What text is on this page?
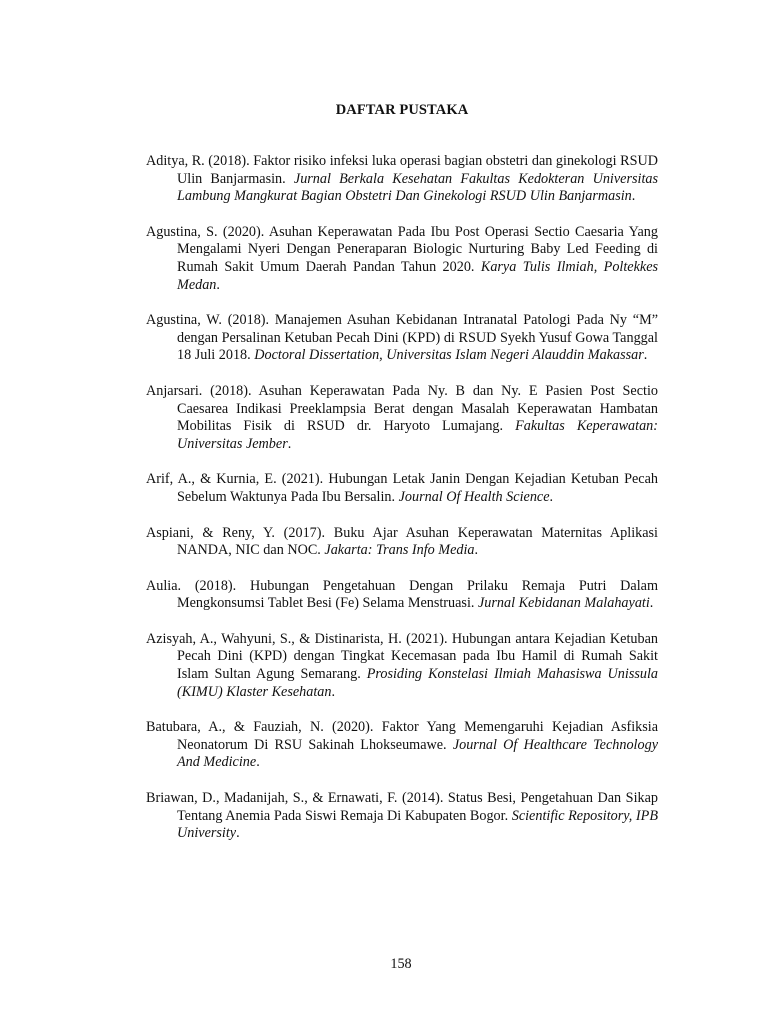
DAFTAR PUSTAKA

Aditya, R. (2018). Faktor risiko infeksi luka operasi bagian obstetri dan ginekologi RSUD Ulin Banjarmasin. Jurnal Berkala Kesehatan Fakultas Kedokteran Universitas Lambung Mangkurat Bagian Obstetri Dan Ginekologi RSUD Ulin Banjarmasin.

Agustina, S. (2020). Asuhan Keperawatan Pada Ibu Post Operasi Sectio Caesaria Yang Mengalami Nyeri Dengan Peneraparan Biologic Nurturing Baby Led Feeding di Rumah Sakit Umum Daerah Pandan Tahun 2020. Karya Tulis Ilmiah, Poltekkes Medan.

Agustina, W. (2018). Manajemen Asuhan Kebidanan Intranatal Patologi Pada Ny “M” dengan Persalinan Ketuban Pecah Dini (KPD) di RSUD Syekh Yusuf Gowa Tanggal 18 Juli 2018. Doctoral Dissertation, Universitas Islam Negeri Alauddin Makassar.

Anjarsari. (2018). Asuhan Keperawatan Pada Ny. B dan Ny. E Pasien Post Sectio Caesarea Indikasi Preeklampsia Berat dengan Masalah Keperawatan Hambatan Mobilitas Fisik di RSUD dr. Haryoto Lumajang. Fakultas Keperawatan: Universitas Jember.

Arif, A., & Kurnia, E. (2021). Hubungan Letak Janin Dengan Kejadian Ketuban Pecah Sebelum Waktunya Pada Ibu Bersalin. Journal Of Health Science.

Aspiani, & Reny, Y. (2017). Buku Ajar Asuhan Keperawatan Maternitas Aplikasi NANDA, NIC dan NOC. Jakarta: Trans Info Media.

Aulia. (2018). Hubungan Pengetahuan Dengan Prilaku Remaja Putri Dalam Mengkonsumsi Tablet Besi (Fe) Selama Menstruasi. Jurnal Kebidanan Malahayati.

Azisyah, A., Wahyuni, S., & Distinarista, H. (2021). Hubungan antara Kejadian Ketuban Pecah Dini (KPD) dengan Tingkat Kecemasan pada Ibu Hamil di Rumah Sakit Islam Sultan Agung Semarang. Prosiding Konstelasi Ilmiah Mahasiswa Unissula (KIMU) Klaster Kesehatan.

Batubara, A., & Fauziah, N. (2020). Faktor Yang Memengaruhi Kejadian Asfiksia Neonatorum Di RSU Sakinah Lhokseumawe. Journal Of Healthcare Technology And Medicine.

Briawan, D., Madanijah, S., & Ernawati, F. (2014). Status Besi, Pengetahuan Dan Sikap Tentang Anemia Pada Siswi Remaja Di Kabupaten Bogor. Scientific Repository, IPB University.

158
